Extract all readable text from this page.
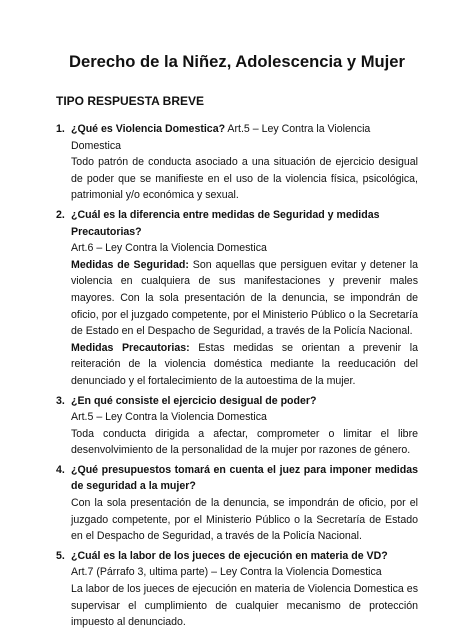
Derecho de la Niñez, Adolescencia y Mujer
TIPO RESPUESTA BREVE
1. ¿Qué es Violencia Domestica? Art.5 – Ley Contra la Violencia Domestica

Todo patrón de conducta asociado a una situación de ejercicio desigual de poder que se manifieste en el uso de la violencia física, psicológica, patrimonial y/o económica y sexual.

2. ¿Cuál es la diferencia entre medidas de Seguridad y medidas Precautorias?

Art.6 – Ley Contra la Violencia Domestica

Medidas de Seguridad: Son aquellas que persiguen evitar y detener la violencia en cualquiera de sus manifestaciones y prevenir males mayores. Con la sola presentación de la denuncia, se impondrán de oficio, por el juzgado competente, por el Ministerio Público o la Secretaría de Estado en el Despacho de Seguridad, a través de la Policía Nacional.

Medidas Precautorias: Estas medidas se orientan a prevenir la reiteración de la violencia doméstica mediante la reeducación del denunciado y el fortalecimiento de la autoestima de la mujer.

3. ¿En qué consiste el ejercicio desigual de poder?

Art.5 – Ley Contra la Violencia Domestica

Toda conducta dirigida a afectar, comprometer o limitar el libre desenvolvimiento de la personalidad de la mujer por razones de género.

4. ¿Qué presupuestos tomará en cuenta el juez para imponer medidas de seguridad a la mujer?

Con la sola presentación de la denuncia, se impondrán de oficio, por el juzgado competente, por el Ministerio Público o la Secretaría de Estado en el Despacho de Seguridad, a través de la Policía Nacional.

5. ¿Cuál es la labor de los jueces de ejecución en materia de VD?

Art.7 (Párrafo 3, ultima parte) – Ley Contra la Violencia Domestica

La labor de los jueces de ejecución en materia de Violencia Domestica es supervisar el cumplimiento de cualquier mecanismo de protección impuesto al denunciado.
